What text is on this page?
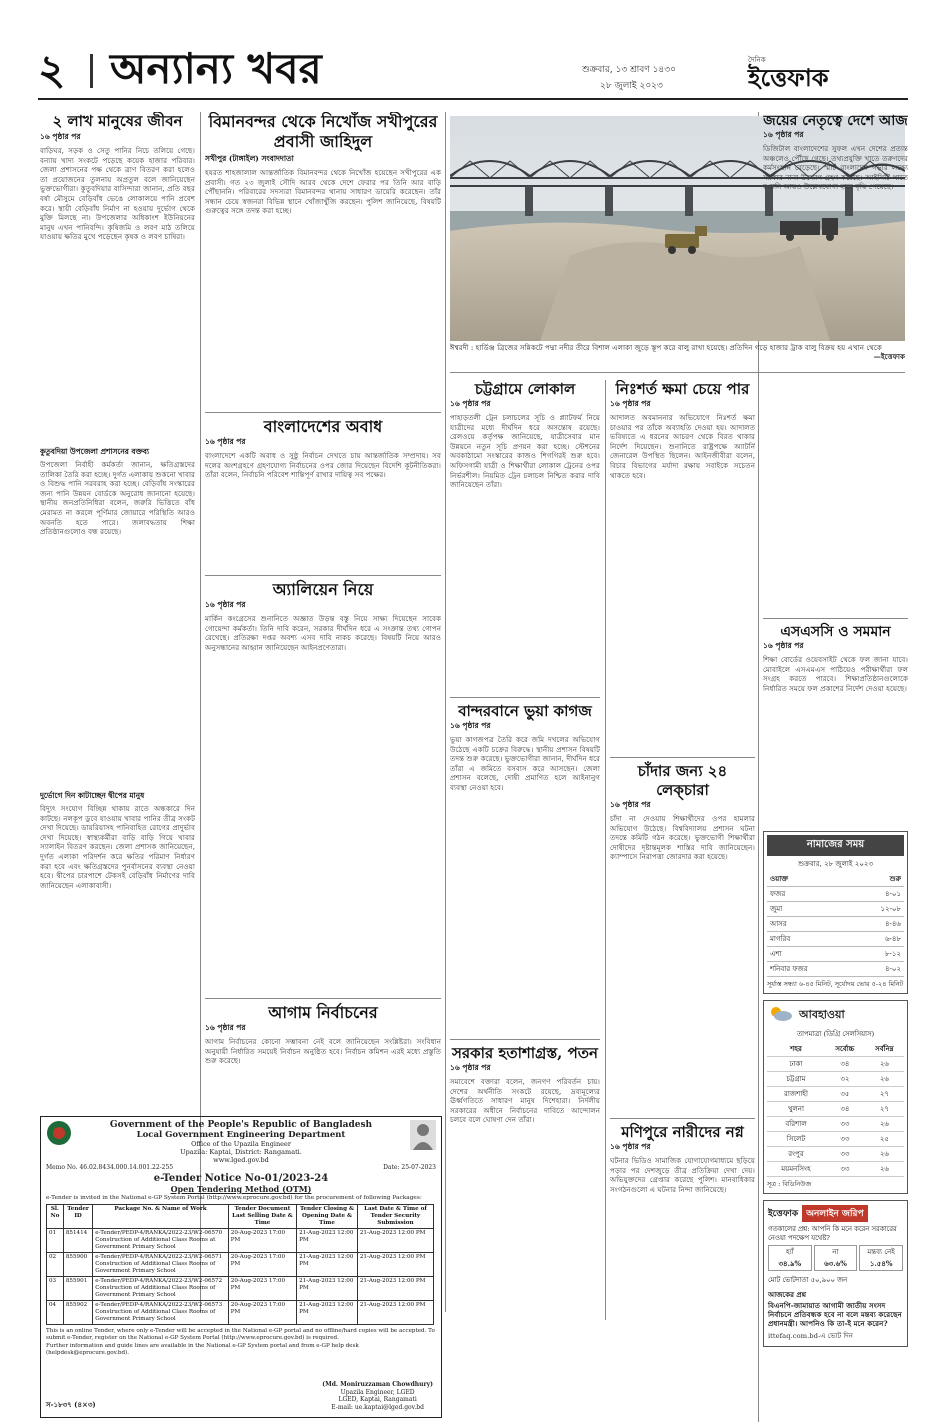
২ অন্যান্য খবর	শুক্রবার, ১৩ শ্রাবণ ১৪৩০
২৮ জুলাই ২০২৩
দৈনিক
ইত্তেফাক
২ লাখ মানুষের জীবন
১৬ পৃষ্ঠার পর
বাড়িঘর, সড়ক ও সেতু পানির নিচে তলিয়ে গেছে। বন্যায় খাদ্য সংকটে পড়েছে কয়েক হাজার পরিবার। জেলা প্রশাসনের পক্ষ থেকে ত্রাণ বিতরণ করা হলেও তা প্রয়োজনের তুলনায় অপ্রতুল বলে জানিয়েছেন ভুক্তভোগীরা। কুতুবদিয়ার বাসিন্দারা জানান, প্রতি বছর বর্ষা মৌসুমে বেড়িবাঁধ ভেঙে লোকালয়ে পানি প্রবেশ করে। স্থায়ী বেড়িবাঁধ নির্মাণ না হওয়ায় দুর্ভোগ থেকে মুক্তি মিলছে না। উপজেলার অধিকাংশ ইউনিয়নের মানুষ এখন পানিবন্দি। কৃষিজমি ও লবণ মাঠ তলিয়ে যাওয়ায় ক্ষতির মুখে পড়েছেন কৃষক ও লবণ চাষিরা।
কুতুবদিয়া উপজেলা প্রশাসনের বক্তব্য
উপজেলা নির্বাহী কর্মকর্তা জানান, ক্ষতিগ্রস্তদের তালিকা তৈরি করা হচ্ছে। দুর্গত এলাকায় শুকনো খাবার ও বিশুদ্ধ পানি সরবরাহ করা হচ্ছে। বেড়িবাঁধ সংস্কারের জন্য পানি উন্নয়ন বোর্ডকে অনুরোধ জানানো হয়েছে। স্থানীয় জনপ্রতিনিধিরা বলেন, জরুরি ভিত্তিতে বাঁধ মেরামত না করলে পূর্ণিমার জোয়ারে পরিস্থিতি আরও অবনতি হতে পারে। জলাবদ্ধতায় শিক্ষা প্রতিষ্ঠানগুলোও বন্ধ রয়েছে।
দুর্ভোগে দিন কাটাচ্ছেন দ্বীপের মানুষ
বিদ্যুৎ সংযোগ বিচ্ছিন্ন থাকায় রাতে অন্ধকারে দিন কাটছে। নলকূপ ডুবে যাওয়ায় খাবার পানির তীব্র সংকট দেখা দিয়েছে। ডায়রিয়াসহ পানিবাহিত রোগের প্রাদুর্ভাব দেখা দিয়েছে। স্বাস্থ্যকর্মীরা বাড়ি বাড়ি গিয়ে খাবার স্যালাইন বিতরণ করছেন। জেলা প্রশাসক জানিয়েছেন, দুর্গত এলাকা পরিদর্শন করে ক্ষতির পরিমাণ নির্ধারণ করা হবে এবং ক্ষতিগ্রস্তদের পুনর্বাসনের ব্যবস্থা নেওয়া হবে। দ্বীপের চারপাশে টেকসই বেড়িবাঁধ নির্মাণের দাবি জানিয়েছেন এলাকাবাসী।
বিমানবন্দর থেকে নিখোঁজ সখীপুরের প্রবাসী জাহিদুল
সখীপুর (টাঙ্গাইল) সংবাদদাতা
হযরত শাহজালাল আন্তর্জাতিক বিমানবন্দর থেকে নিখোঁজ হয়েছেন সখীপুরের এক প্রবাসী। গত ২৩ জুলাই সৌদি আরব থেকে দেশে ফেরার পর তিনি আর বাড়ি পৌঁছাননি। পরিবারের সদস্যরা বিমানবন্দর থানায় সাধারণ ডায়েরি করেছেন। তাঁর সন্ধান চেয়ে স্বজনরা বিভিন্ন স্থানে খোঁজাখুঁজি করছেন। পুলিশ জানিয়েছে, বিষয়টি গুরুত্বের সঙ্গে তদন্ত করা হচ্ছে।
বাংলাদেশের অবাধ
১৬ পৃষ্ঠার পর
বাংলাদেশে একটি অবাধ ও সুষ্ঠু নির্বাচন দেখতে চায় আন্তর্জাতিক সম্প্রদায়। সব দলের অংশগ্রহণে গ্রহণযোগ্য নির্বাচনের ওপর জোর দিয়েছেন বিদেশি কূটনীতিকরা। তাঁরা বলেন, নির্বাচনি পরিবেশ শান্তিপূর্ণ রাখার দায়িত্ব সব পক্ষের।
অ্যালিয়েন নিয়ে
১৬ পৃষ্ঠার পর
মার্কিন কংগ্রেসের শুনানিতে অজ্ঞাত উড়ন্ত বস্তু নিয়ে সাক্ষ্য দিয়েছেন সাবেক গোয়েন্দা কর্মকর্তা। তিনি দাবি করেন, সরকার দীর্ঘদিন ধরে এ সংক্রান্ত তথ্য গোপন রেখেছে। প্রতিরক্ষা দপ্তর অবশ্য এসব দাবি নাকচ করেছে। বিষয়টি নিয়ে আরও অনুসন্ধানের আহ্বান জানিয়েছেন আইনপ্রণেতারা।
আগাম নির্বাচনের
১৬ পৃষ্ঠার পর
আগাম নির্বাচনের কোনো সম্ভাবনা নেই বলে জানিয়েছেন সংশ্লিষ্টরা। সংবিধান অনুযায়ী নির্ধারিত সময়েই নির্বাচন অনুষ্ঠিত হবে। নির্বাচন কমিশন এরই মধ্যে প্রস্তুতি শুরু করেছে।
ঈশ্বরদী : হার্ডিঞ্জ ব্রিজের সন্নিকটে পদ্মা নদীর তীরে বিশাল এলাকা জুড়ে স্তূপ করে বালু রাখা হয়েছে। প্রতিদিন গড়ে হাজার ট্রাক বালু বিক্রয় হয় এখান থেকে
—ইত্তেফাক
চট্টগ্রামে লোকাল
১৬ পৃষ্ঠার পর
পাহাড়তলী ট্রেন চলাচলের সূচি ও প্ল্যাটফর্ম নিয়ে যাত্রীদের মধ্যে দীর্ঘদিন ধরে অসন্তোষ রয়েছে। রেলওয়ে কর্তৃপক্ষ জানিয়েছে, যাত্রীসেবার মান উন্নয়নে নতুন সূচি প্রণয়ন করা হচ্ছে। স্টেশনের অবকাঠামো সংস্কারের কাজও শিগগিরই শুরু হবে। অফিসগামী যাত্রী ও শিক্ষার্থীরা লোকাল ট্রেনের ওপর নির্ভরশীল। নিয়মিত ট্রেন চলাচল নিশ্চিত করার দাবি জানিয়েছেন তাঁরা।
বান্দরবানে ভুয়া কাগজ
১৬ পৃষ্ঠার পর
ভুয়া কাগজপত্র তৈরি করে জমি দখলের অভিযোগ উঠেছে একটি চক্রের বিরুদ্ধে। স্থানীয় প্রশাসন বিষয়টি তদন্ত শুরু করেছে। ভুক্তভোগীরা জানান, দীর্ঘদিন ধরে তাঁরা এ জমিতে বসবাস করে আসছেন। জেলা প্রশাসন বলেছে, দোষী প্রমাণিত হলে আইনানুগ ব্যবস্থা নেওয়া হবে।
সরকার হতাশাগ্রস্ত, পতন
১৬ পৃষ্ঠার পর
সমাবেশে বক্তারা বলেন, জনগণ পরিবর্তন চায়। দেশের অর্থনীতি সংকটে রয়েছে, দ্রব্যমূল্যের ঊর্ধ্বগতিতে সাধারণ মানুষ দিশেহারা। নির্দলীয় সরকারের অধীনে নির্বাচনের দাবিতে আন্দোলন চলবে বলে ঘোষণা দেন তাঁরা।
নিঃশর্ত ক্ষমা চেয়ে পার
১৬ পৃষ্ঠার পর
আদালত অবমাননার অভিযোগে নিঃশর্ত ক্ষমা চাওয়ার পর তাঁকে অব্যাহতি দেওয়া হয়। আদালত ভবিষ্যতে এ ধরনের আচরণ থেকে বিরত থাকার নির্দেশ দিয়েছেন। শুনানিতে রাষ্ট্রপক্ষে অ্যাটর্নি জেনারেল উপস্থিত ছিলেন। আইনজীবীরা বলেন, বিচার বিভাগের মর্যাদা রক্ষায় সবাইকে সচেতন থাকতে হবে।
চাঁদার জন্য ২৪ লেক্চারা
১৬ পৃষ্ঠার পর
চাঁদা না দেওয়ায় শিক্ষার্থীদের ওপর হামলার অভিযোগ উঠেছে। বিশ্ববিদ্যালয় প্রশাসন ঘটনা তদন্তে কমিটি গঠন করেছে। ভুক্তভোগী শিক্ষার্থীরা দোষীদের দৃষ্টান্তমূলক শাস্তির দাবি জানিয়েছেন। ক্যাম্পাসে নিরাপত্তা জোরদার করা হয়েছে।
মণিপুরে নারীদের নগ্ন
১৬ পৃষ্ঠার পর
ঘটনার ভিডিও সামাজিক যোগাযোগমাধ্যমে ছড়িয়ে পড়ার পর দেশজুড়ে তীব্র প্রতিক্রিয়া দেখা দেয়। অভিযুক্তদের গ্রেপ্তার করেছে পুলিশ। মানবাধিকার সংগঠনগুলো এ ঘটনার নিন্দা জানিয়েছে।
জয়ের নেতৃত্বে দেশে আজ
১৬ পৃষ্ঠার পর
ডিজিটাল বাংলাদেশের সুফল এখন দেশের প্রত্যন্ত অঞ্চলেও পৌঁছে গেছে। তথ্যপ্রযুক্তি খাতে তরুণদের কর্মসংস্থান বেড়েছে। স্মার্ট বাংলাদেশ গড়ার লক্ষ্যে সরকার নানা উদ্যোগ গ্রহণ করেছে। আইসিটি খাতে রপ্তানি আয়ও উল্লেখযোগ্য হারে বৃদ্ধি পেয়েছে।
এসএসসি ও সমমান
১৬ পৃষ্ঠার পর
শিক্ষা বোর্ডের ওয়েবসাইট থেকে ফল জানা যাবে। মোবাইলে এসএমএস পাঠিয়েও পরীক্ষার্থীরা ফল সংগ্রহ করতে পারবে। শিক্ষাপ্রতিষ্ঠানগুলোকে নির্ধারিত সময়ে ফল প্রকাশের নির্দেশ দেওয়া হয়েছে।
নামাজের সময়
শুক্রবার, ২৮ জুলাই ২০২৩
ওয়াক্ত	শুরু
ফজর	৪-০১
জুমা	১২-০৮
আসর	৪-৪৬
মাগরিব	৬-৪৮
এশা	৮-১২
শনিবার ফজর	৪-০২
সূর্যাস্ত সন্ধ্যা ৬-৪৫ মিনিট, সূর্যোদয় ভোর ৫-২৪ মিনিট
আবহাওয়া
তাপমাত্রা (ডিগ্রি সেলসিয়াস)
শহর	সর্বোচ্চ	সর্বনিম্ন
ঢাকা	৩৪	২৬
চট্টগ্রাম	৩২	২৬
রাজশাহী	৩৫	২৭
খুলনা	৩৪	২৭
বরিশাল	৩৩	২৬
সিলেট	৩৩	২৫
রংপুর	৩৩	২৬
ময়মনসিংহ	৩৩	২৬
সূত্র : বিডিনিউজ
ইত্তেফাক অনলাইন জরিপ
গতকালের প্রশ্ন: আপনি কি মনে করেন সরকারের নেওয়া পদক্ষেপ যথেষ্ট?
হ্যাঁ
৩৪.৯%
না
৬৩.৬%
মন্তব্য নেই
১.৫৪%
মোট ভোটদাতা ৫০,৯০০ জন
আজকের প্রশ্ন
বিএনপি-জামায়াত আগামী জাতীয় সংসদ নির্বাচনে প্রতিবন্ধক হবে না বলে মন্তব্য করেছেন প্রধানমন্ত্রী। আপনিও কি তা-ই মনে করেন?
ittefaq.com.bd-এ ভোট দিন
Government of the People's Republic of Bangladesh
Local Government Engineering Department
Office of the Upazila Engineer
Upazila: Kaptai, District: Rangamati.
www.lged.gov.bd
Memo No. 46.02.8434.000.14.001.22-255	Date: 25-07-2023
e-Tender Notice No-01/2023-24
Open Tendering Method (OTM)
e-Tender is invited in the National e-GP System Portal (http://www.eprocure.gov.bd) for the procurement of following Packages:
Sl. No	Tender ID	Package No. & Name of Work	Tender Document Last Selling Date & Time	Tender Closing & Opening Date & Time	Last Date & Time of Tender Security Submission
01	851414	e-Tender/PEDP-4/RANKA/2022-23/W2-06570 Construction of Additional Class Rooms at Government Primary School	20-Aug-2023 17:00 PM	21-Aug-2023 12:00 PM	21-Aug-2023 12:00 PM
02	855900	e-Tender/PEDP-4/RANKA/2022-23/W2-06571 Construction of Additional Class Rooms of Government Primary School	20-Aug-2023 17:00 PM	21-Aug-2023 12:00 PM	21-Aug-2023 12:00 PM
03	855901	e-Tender/PEDP-4/RANKA/2022-23/W2-06572 Construction of Additional Class Rooms of Government Primary School	20-Aug-2023 17:00 PM	21-Aug-2023 12:00 PM	21-Aug-2023 12:00 PM
04	855902	e-Tender/PEDP-4/RANKA/2022-23/W2-06573 Construction of Additional Class Rooms of Government Primary School	20-Aug-2023 17:00 PM	21-Aug-2023 12:00 PM	21-Aug-2023 12:00 PM
This is an online Tender, where only e-Tender will be accepted in the National e-GP portal and no offline/hard copies will be accepted. To submit e-Tender, register on the National e-GP System Portal (http://www.eprocure.gov.bd) is required.
Further information and guide lines are available in the National e-GP System portal and from e-GP help desk (helpdesk@eprocure.gov.bd).
(Md. Moniruzzaman Chowdhury)
Upazila Engineer, LGED
LGED, Kaptai, Rangamati
E-mail: ue.kaptai@lged.gov.bd
স-১৮৩৭ (৪×৩)
